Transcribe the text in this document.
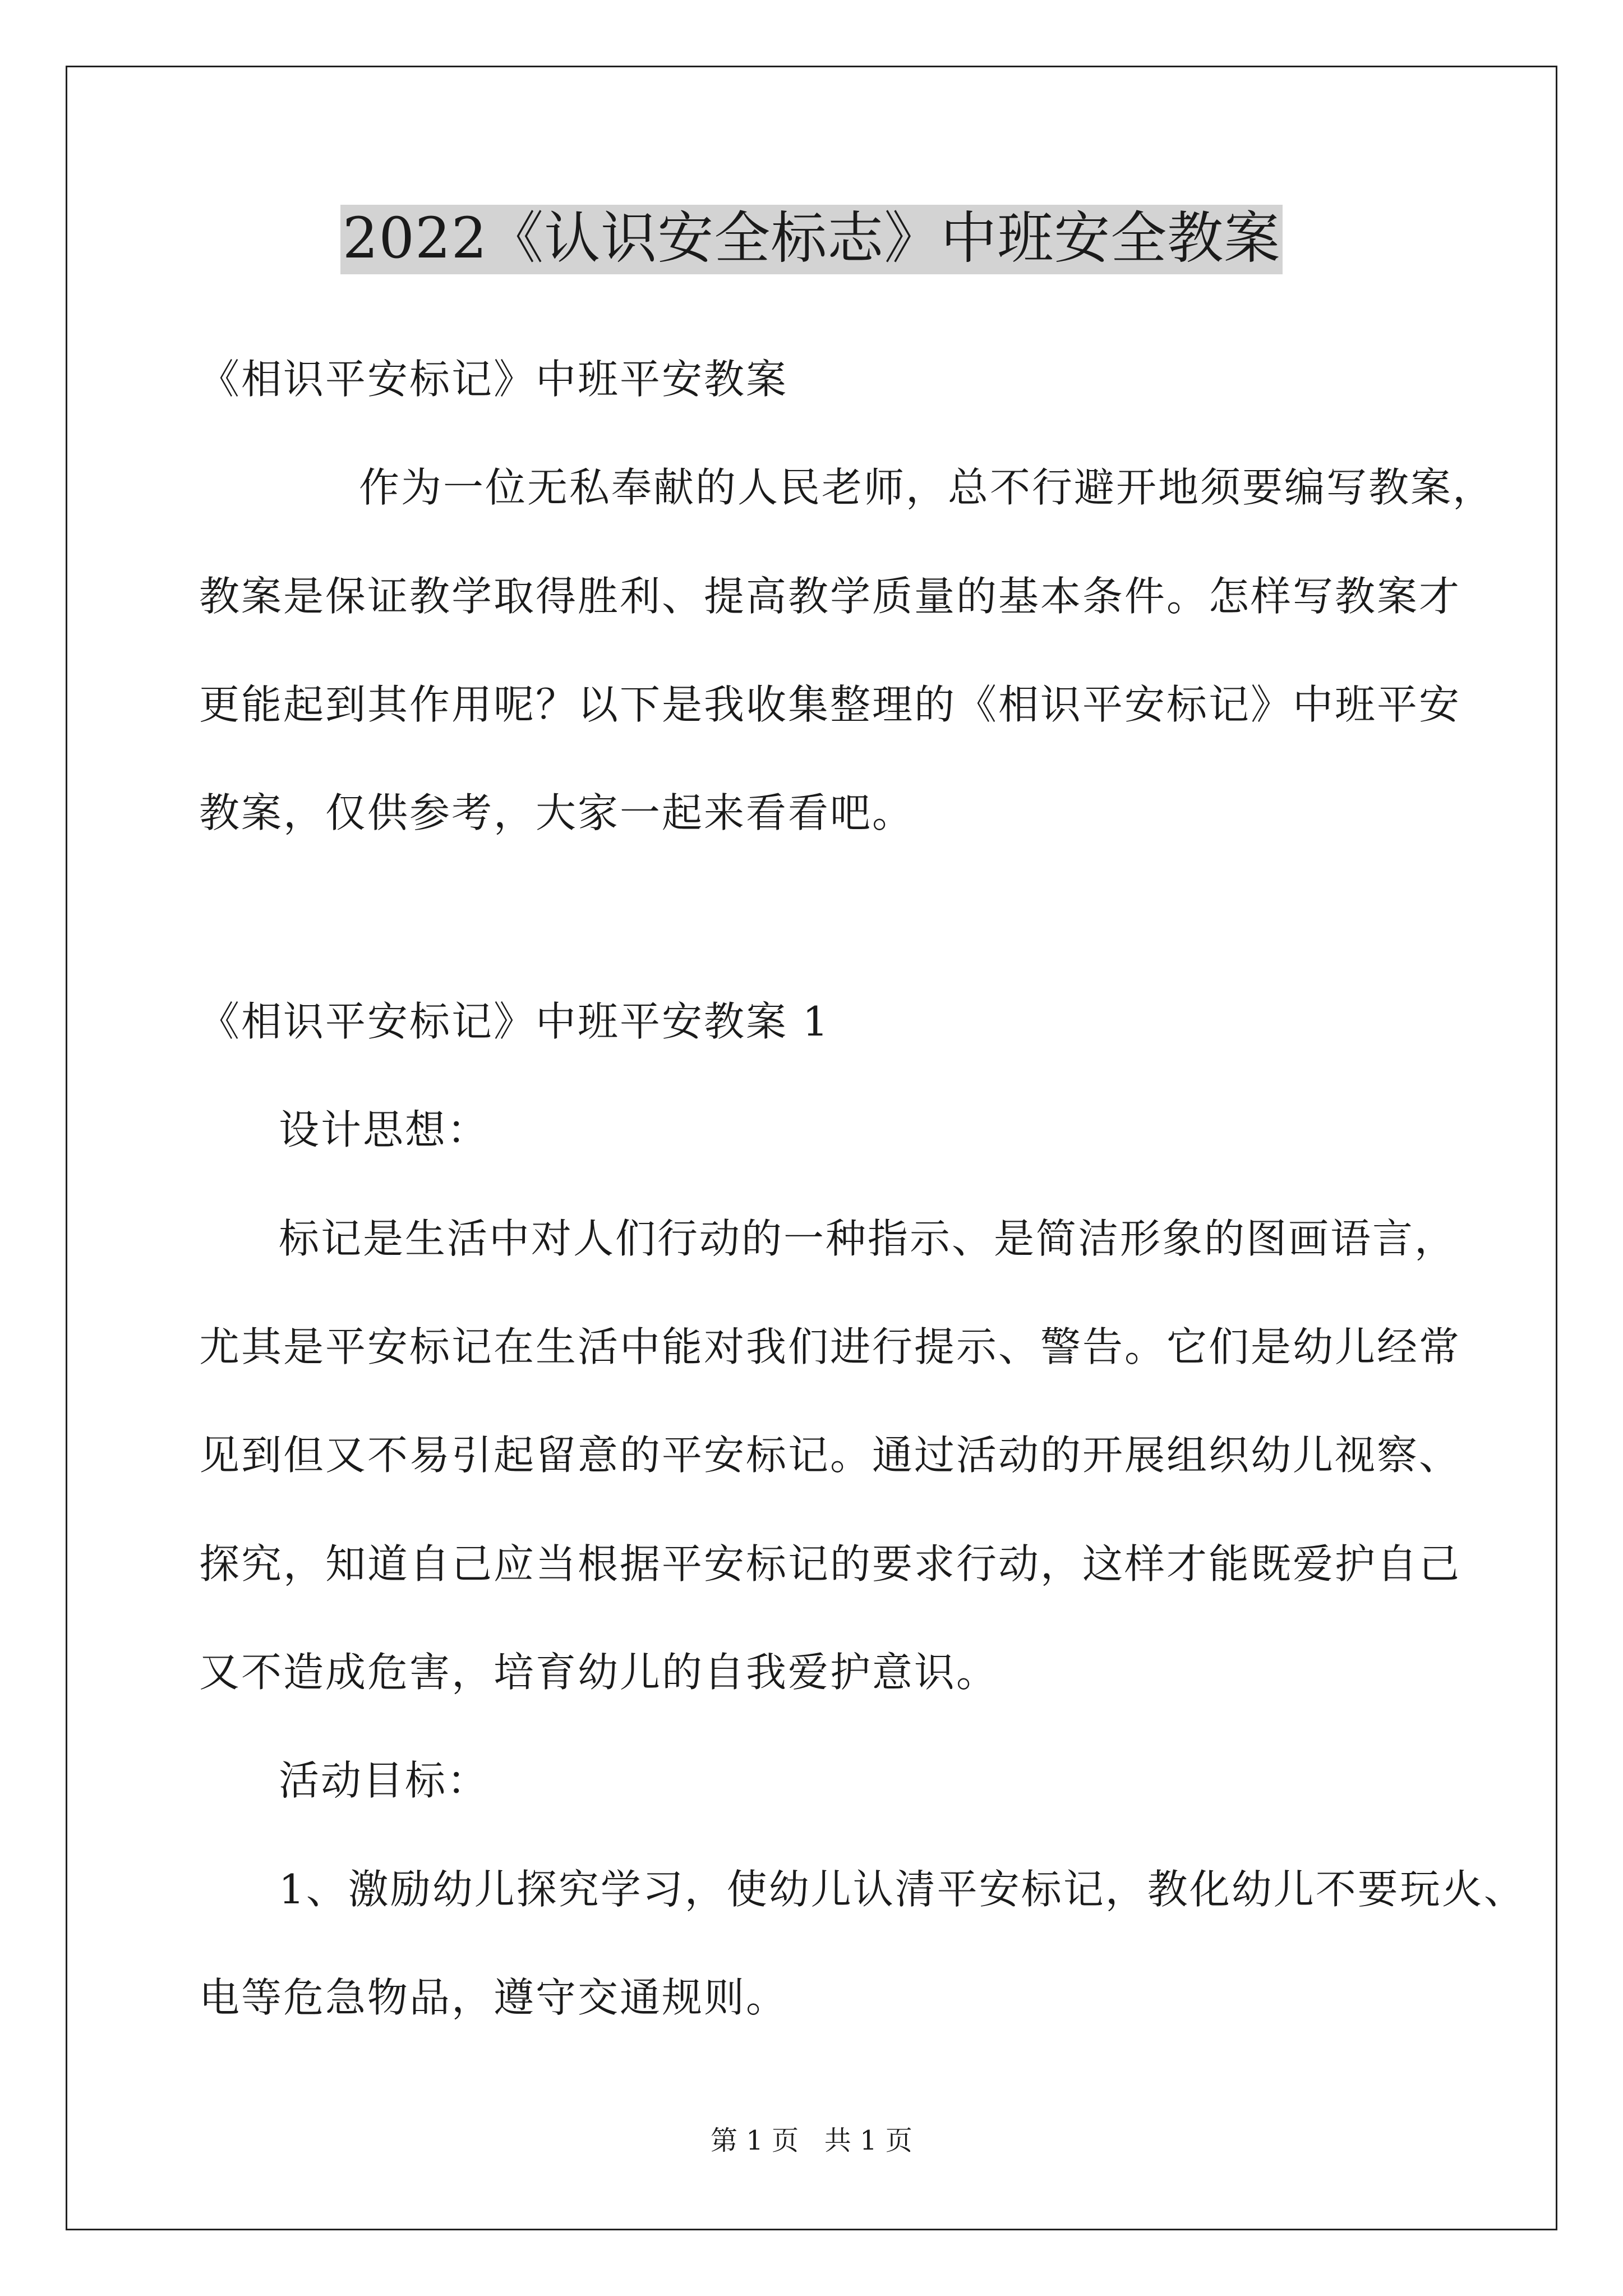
2022《认识安全标志》中班安全教案
《相识平安标记》中班平安教案
作为一位无私奉献的人民老师，总不行避开地须要编写教案，
教案是保证教学取得胜利、提高教学质量的基本条件。怎样写教案才
更能起到其作用呢？以下是我收集整理的《相识平安标记》中班平安
教案，仅供参考，大家一起来看看吧。
《相识平安标记》中班平安教案 1
设计思想：
标记是生活中对人们行动的一种指示、是简洁形象的图画语言，
尤其是平安标记在生活中能对我们进行提示、警告。它们是幼儿经常
见到但又不易引起留意的平安标记。通过活动的开展组织幼儿视察、
探究，知道自己应当根据平安标记的要求行动，这样才能既爱护自己
又不造成危害，培育幼儿的自我爱护意识。
活动目标：
1、激励幼儿探究学习，使幼儿认清平安标记，教化幼儿不要玩火、
电等危急物品，遵守交通规则。
第 1 页   共 1 页
